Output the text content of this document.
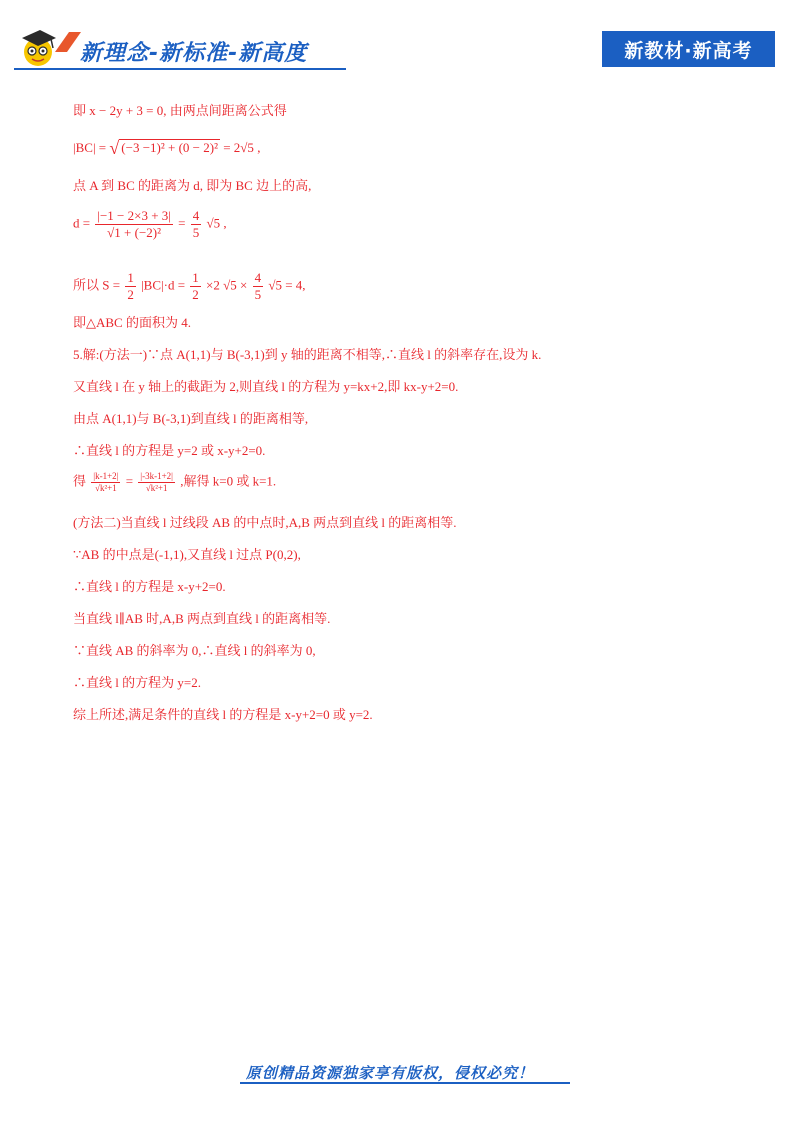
新理念-新标准-新高度	新教材·新高考
即 x − 2y + 3 = 0, 由两点间距离公式得
|BC| = √ (−3 −1)² + (0 − 2)² = 2√5 ,
点 A 到 BC 的距离为 d, 即为 BC 边上的高,
$d = \frac{|-1 - 2\times 3 + 3|}{\text{√1 + (−2)²}} = \frac{4}{5} √5$ ,
所以 $S = \frac{1}{2} |BC|\cdot d = \frac{1}{2} \times 2$ $√5 \times \frac{4}{5} √5 = 4$,
即△ABC 的面积为 4.
5.解:(方法一)∵点 A(1,1)与 B(-3,1)到 y 轴的距离不相等,∴直线 l 的斜率存在,设为 k.
又直线 l 在 y 轴上的截距为 2,则直线 l 的方程为 y=kx+2,即 kx-y+2=0.
由点 A(1,1)与 B(-3,1)到直线 l 的距离相等,
∴直线 l 的方程是 y=2 或 x-y+2=0.
得 $\frac{|k-1+2|}{\text{√k²+1}} = \frac{|-3k-1+2|}{\text{√k²+1}}$ ,解得 k=0 或 k=1.
(方法二)当直线 l 过线段 AB 的中点时,A,B 两点到直线 l 的距离相等.
∵AB 的中点是(-1,1),又直线 l 过点 P(0,2),
∴直线 l 的方程是 x-y+2=0.
当直线 l∥AB 时,A,B 两点到直线 l 的距离相等.
∵直线 AB 的斜率为 0,∴直线 l 的斜率为 0,
∴直线 l 的方程为 y=2.
综上所述,满足条件的直线 l 的方程是 x-y+2=0 或 y=2.
原创精品资源独家享有版权，侵权必究！
